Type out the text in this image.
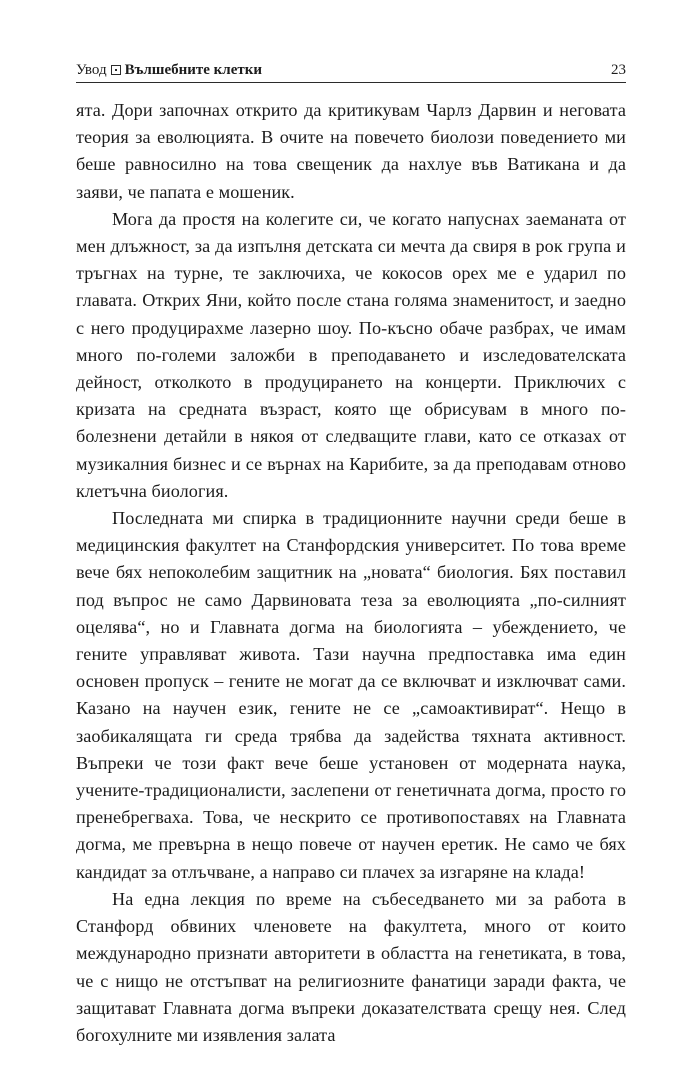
Увод Вълшебните клетки	23

ята. Дори започнах открито да критикувам Чарлз Дарвин и неговата теория за еволюцията. В очите на повечето биолози поведението ми беше равносилно на това свещеник да нахлуе във Ватикана и да заяви, че папата е мошеник.

Мога да простя на колегите си, че когато напуснах заеманата от мен длъжност, за да изпълня детската си мечта да свиря в рок група и тръгнах на турне, те заключиха, че кокосов орех ме е ударил по главата. Открих Яни, който после стана голяма знаменитост, и заедно с него продуцирахме лазерно шоу. По-късно обаче разбрах, че имам много по-големи заложби в преподаването и изследователската дейност, отколкото в продуцирането на концерти. Приключих с кризата на средната възраст, която ще обрисувам в много по-болезнени детайли в някоя от следващите глави, като се отказах от музикалния бизнес и се върнах на Карибите, за да преподавам отново клетъчна биология.

Последната ми спирка в традиционните научни среди беше в медицинския факултет на Станфордския университет. По това време вече бях непоколебим защитник на „новата“ биология. Бях поставил под въпрос не само Дарвиновата теза за еволюцията „по-силният оцелява“, но и Главната догма на биологията – убеждението, че гените управляват живота. Тази научна предпоставка има един основен пропуск – гените не могат да се включват и изключват сами. Казано на научен език, гените не се „самоактивират“. Нещо в заобикалящата ги среда трябва да задейства тяхната активност. Въпреки че този факт вече беше установен от модерната наука, учените-традиционалисти, заслепени от генетичната догма, просто го пренебрегваха. Това, че нескрито се противопоставях на Главната догма, ме превърна в нещо повече от научен еретик. Не само че бях кандидат за отлъчване, а направо си плачех за изгаряне на клада!

На една лекция по време на събеседването ми за работа в Станфорд обвиних членовете на факултета, много от които международно признати авторитети в областта на генетиката, в това, че с нищо не отстъпват на религиозните фанатици заради факта, че защитават Главната догма въпреки доказателствата срещу нея. След богохулните ми изявления залата
